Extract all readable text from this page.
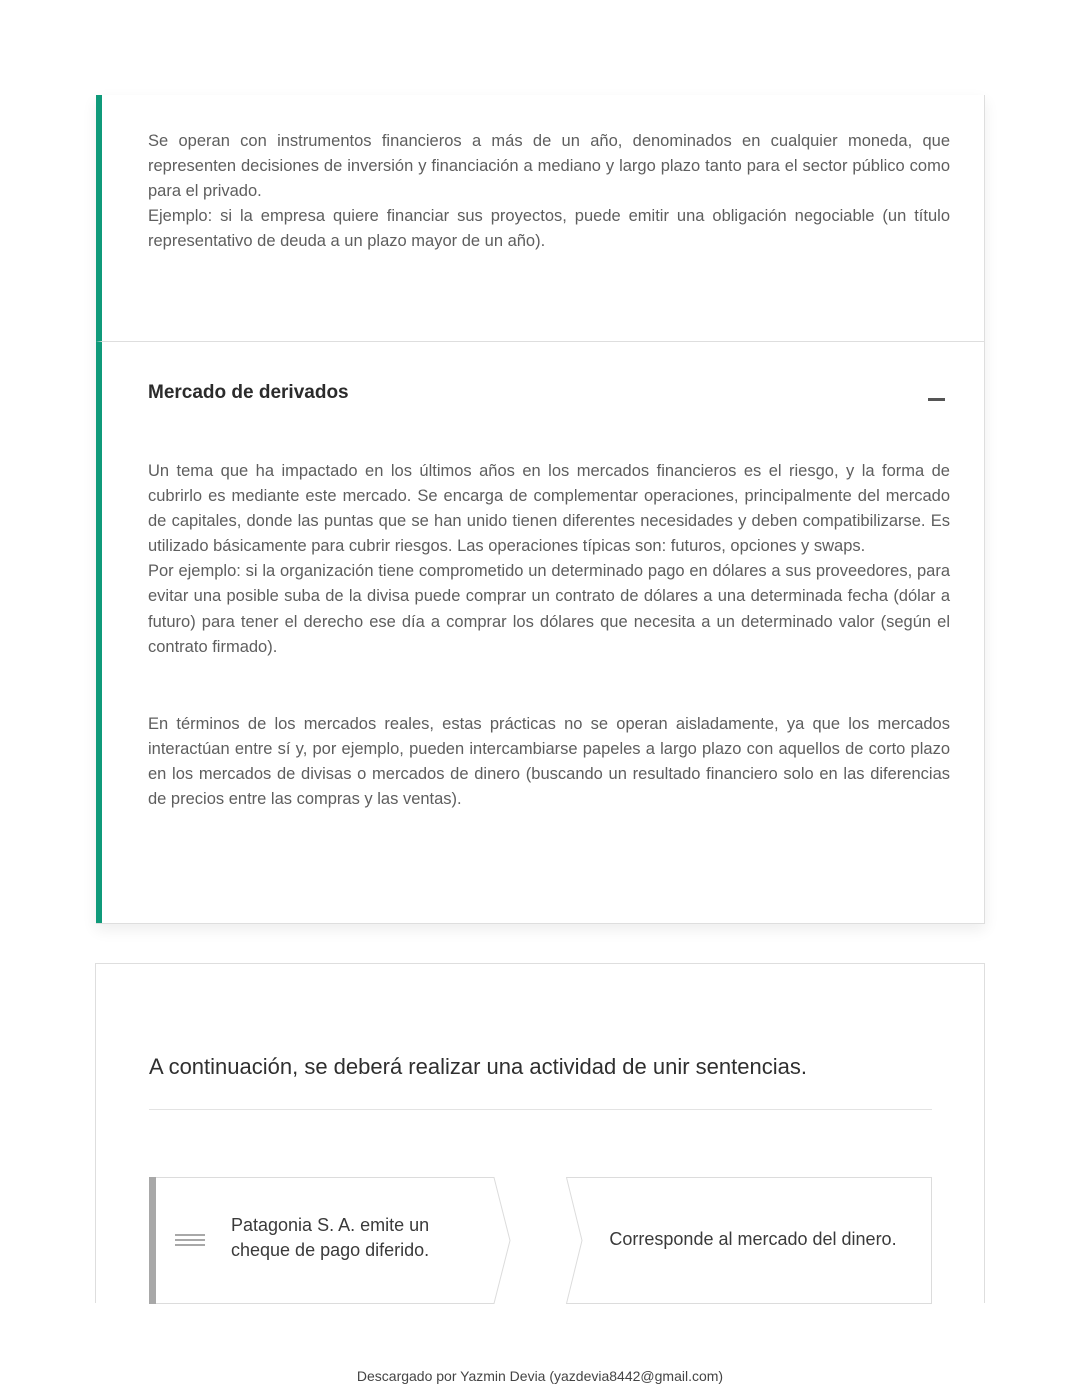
Se operan con instrumentos financieros a más de un año, denominados en cualquier moneda, que representen decisiones de inversión y financiación a mediano y largo plazo tanto para el sector público como para el privado.
Ejemplo: si la empresa quiere financiar sus proyectos, puede emitir una obligación negociable (un título representativo de deuda a un plazo mayor de un año).

Mercado de derivados

Un tema que ha impactado en los últimos años en los mercados financieros es el riesgo, y la forma de cubrirlo es mediante este mercado. Se encarga de complementar operaciones, principalmente del mercado de capitales, donde las puntas que se han unido tienen diferentes necesidades y deben compatibilizarse. Es utilizado básicamente para cubrir riesgos. Las operaciones típicas son: futuros, opciones y swaps.
Por ejemplo: si la organización tiene comprometido un determinado pago en dólares a sus proveedores, para evitar una posible suba de la divisa puede comprar un contrato de dólares a una determinada fecha (dólar a futuro) para tener el derecho ese día a comprar los dólares que necesita a un determinado valor (según el contrato firmado).

En términos de los mercados reales, estas prácticas no se operan aisladamente, ya que los mercados interactúan entre sí y, por ejemplo, pueden intercambiarse papeles a largo plazo con aquellos de corto plazo en los mercados de divisas o mercados de dinero (buscando un resultado financiero solo en las diferencias de precios entre las compras y las ventas).

A continuación, se deberá realizar una actividad de unir sentencias.
Patagonia S. A. emite un cheque de pago diferido.
Corresponde al mercado del dinero.
Descargado por Yazmin Devia (yazdevia8442@gmail.com)
